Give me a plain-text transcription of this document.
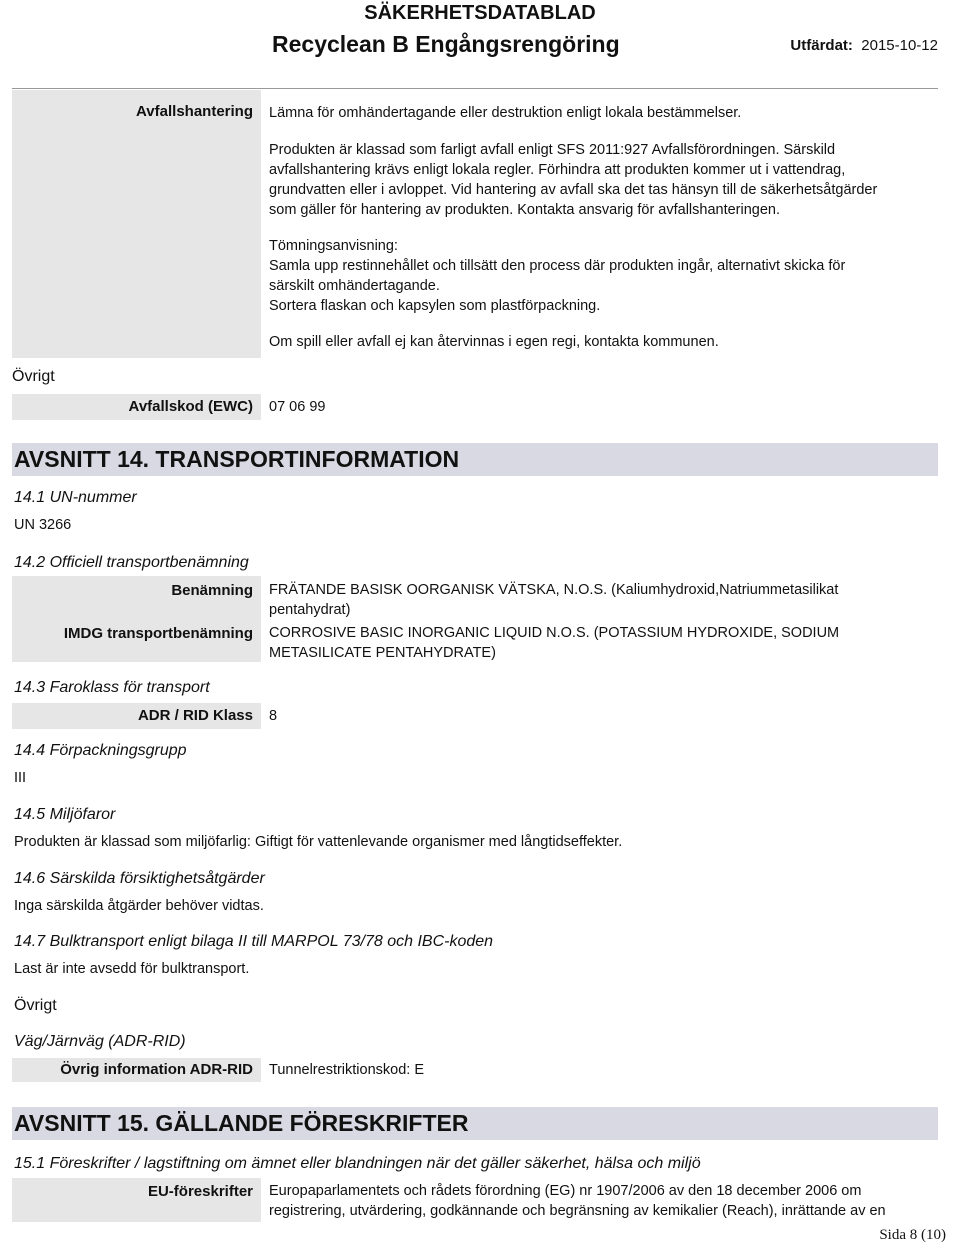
SÄKERHETSDATABLAD
Recyclean B Engångsrengöring	Utfärdat: 2015-10-12
Avfallshantering Lämna för omhändertagande eller destruktion enligt lokala bestämmelser.
Produkten är klassad som farligt avfall enligt SFS 2011:927 Avfallsförordningen. Särskild
avfallshantering krävs enligt lokala regler. Förhindra att produkten kommer ut i vattendrag,
grundvatten eller i avloppet. Vid hantering av avfall ska det tas hänsyn till de säkerhetsåtgärder
som gäller för hantering av produkten. Kontakta ansvarig för avfallshanteringen.
Tömningsanvisning:
Samla upp restinnehållet och tillsätt den process där produkten ingår, alternativt skicka för
särskilt omhändertagande.
Sortera flaskan och kapsylen som plastförpackning.
Om spill eller avfall ej kan återvinnas i egen regi, kontakta kommunen.
Övrigt
Avfallskod (EWC) 07 06 99
AVSNITT 14. TRANSPORTINFORMATION
14.1 UN-nummer
UN 3266
14.2 Officiell transportbenämning
Benämning FRÄTANDE BASISK OORGANISK VÄTSKA, N.O.S. (Kaliumhydroxid,Natriummetasilikat
pentahydrat)
IMDG transportbenämning CORROSIVE BASIC INORGANIC LIQUID N.O.S. (POTASSIUM HYDROXIDE, SODIUM
METASILICATE PENTAHYDRATE)
14.3 Faroklass för transport
ADR / RID Klass 8
14.4 Förpackningsgrupp
III
14.5 Miljöfaror
Produkten är klassad som miljöfarlig: Giftigt för vattenlevande organismer med långtidseffekter.
14.6 Särskilda försiktighetsåtgärder
Inga särskilda åtgärder behöver vidtas.
14.7 Bulktransport enligt bilaga II till MARPOL 73/78 och IBC-koden
Last är inte avsedd för bulktransport.
Övrigt
Väg/Järnväg (ADR-RID)
Övrig information ADR-RID Tunnelrestriktionskod: E
AVSNITT 15. GÄLLANDE FÖRESKRIFTER
15.1 Föreskrifter / lagstiftning om ämnet eller blandningen när det gäller säkerhet, hälsa och miljö
EU-föreskrifter Europaparlamentets och rådets förordning (EG) nr 1907/2006 av den 18 december 2006 om
registrering, utvärdering, godkännande och begränsning av kemikalier (Reach), inrättande av en
Sida 8 (10)
